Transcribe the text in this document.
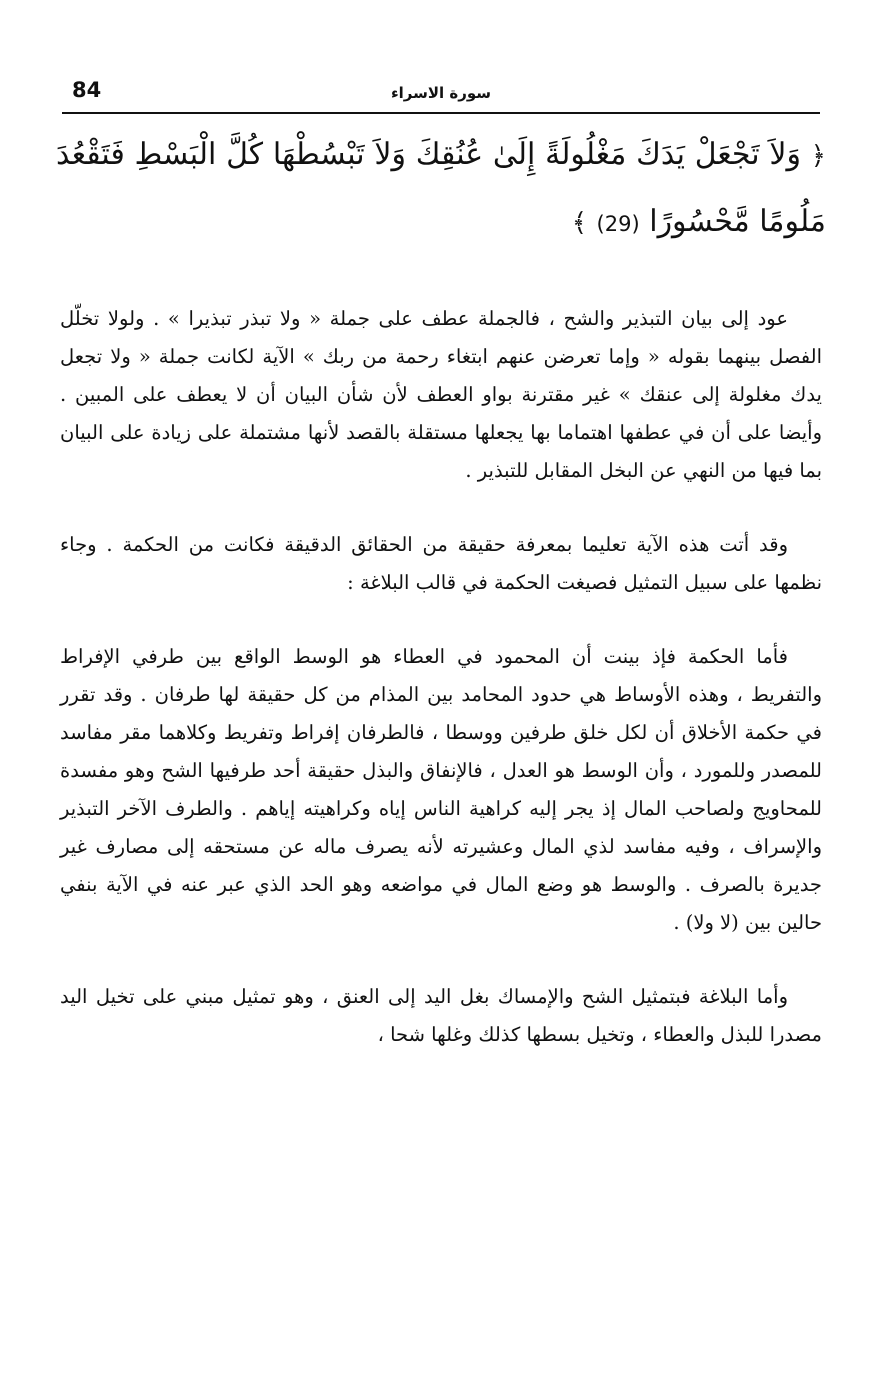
84	سورة الاسراء
﴿ وَلاَ تَجْعَلْ يَدَكَ مَغْلُولَةً إِلَىٰ عُنُقِكَ وَلاَ تَبْسُطْهَا كُلَّ الْبَسْطِ فَتَقْعُدَ مَلُومًا مَّحْسُورًا (29) ﴾

عود إلى بيان التبذير والشح ، فالجملة عطف على جملة « ولا تبذر تبذيرا » . ولولا تخلّل الفصل بينهما بقوله « وإما تعرضن عنهم ابتغاء رحمة من ربك » الآية لكانت جملة « ولا تجعل يدك مغلولة إلى عنقك » غير مقترنة بواو العطف لأن شأن البيان أن لا يعطف على المبين . وأيضا على أن في عطفها اهتماما بها يجعلها مستقلة بالقصد لأنها مشتملة على زيادة على البيان بما فيها من النهي عن البخل المقابل للتبذير .

وقد أتت هذه الآية تعليما بمعرفة حقيقة من الحقائق الدقيقة فكانت من الحكمة . وجاء نظمها على سبيل التمثيل فصيغت الحكمة في قالب البلاغة :

فأما الحكمة فإذ بينت أن المحمود في العطاء هو الوسط الواقع بين طرفي الإفراط والتفريط ، وهذه الأوساط هي حدود المحامد بين المذام من كل حقيقة لها طرفان . وقد تقرر في حكمة الأخلاق أن لكل خلق طرفين ووسطا ، فالطرفان إفراط وتفريط وكلاهما مقر مفاسد للمصدر وللمورد ، وأن الوسط هو العدل ، فالإنفاق والبذل حقيقة أحد طرفيها الشح وهو مفسدة للمحاويج ولصاحب المال إذ يجر إليه كراهية الناس إياه وكراهيته إياهم . والطرف الآخر التبذير والإسراف ، وفيه مفاسد لذي المال وعشيرته لأنه يصرف ماله عن مستحقه إلى مصارف غير جديرة بالصرف . والوسط هو وضع المال في مواضعه وهو الحد الذي عبر عنه في الآية بنفي حالين بين (لا ولا) .

وأما البلاغة فبتمثيل الشح والإمساك بغل اليد إلى العنق ، وهو تمثيل مبني على تخيل اليد مصدرا للبذل والعطاء ، وتخيل بسطها كذلك وغلها شحا ،
